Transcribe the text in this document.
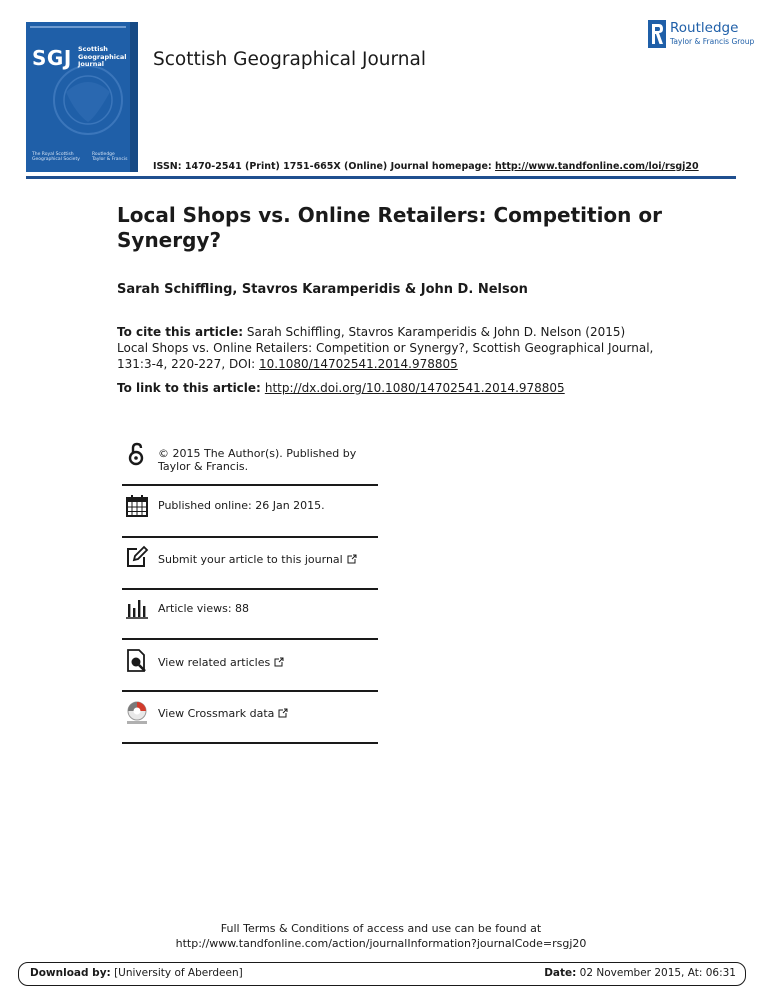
SGJ Scottish
Geographical
Journal
The Royal Scottish
Geographical Society
Routledge
Taylor & Francis
Scottish Geographical Journal
Routledge
Taylor & Francis Group
ISSN: 1470-2541 (Print) 1751-665X (Online) Journal homepage: http://www.tandfonline.com/loi/rsgj20
Local Shops vs. Online Retailers: Competition or Synergy?
Sarah Schiffling, Stavros Karamperidis & John D. Nelson
To cite this article: Sarah Schiffling, Stavros Karamperidis & John D. Nelson (2015) Local Shops vs. Online Retailers: Competition or Synergy?, Scottish Geographical Journal, 131:3-4, 220-227, DOI: 10.1080/14702541.2014.978805
To link to this article: http://dx.doi.org/10.1080/14702541.2014.978805
© 2015 The Author(s). Published by Taylor & Francis.
Published online: 26 Jan 2015.
Submit your article to this journal
Article views: 88
View related articles
View Crossmark data
Full Terms & Conditions of access and use can be found at
http://www.tandfonline.com/action/journalInformation?journalCode=rsgj20
Download by: [University of Aberdeen]	Date: 02 November 2015, At: 06:31
